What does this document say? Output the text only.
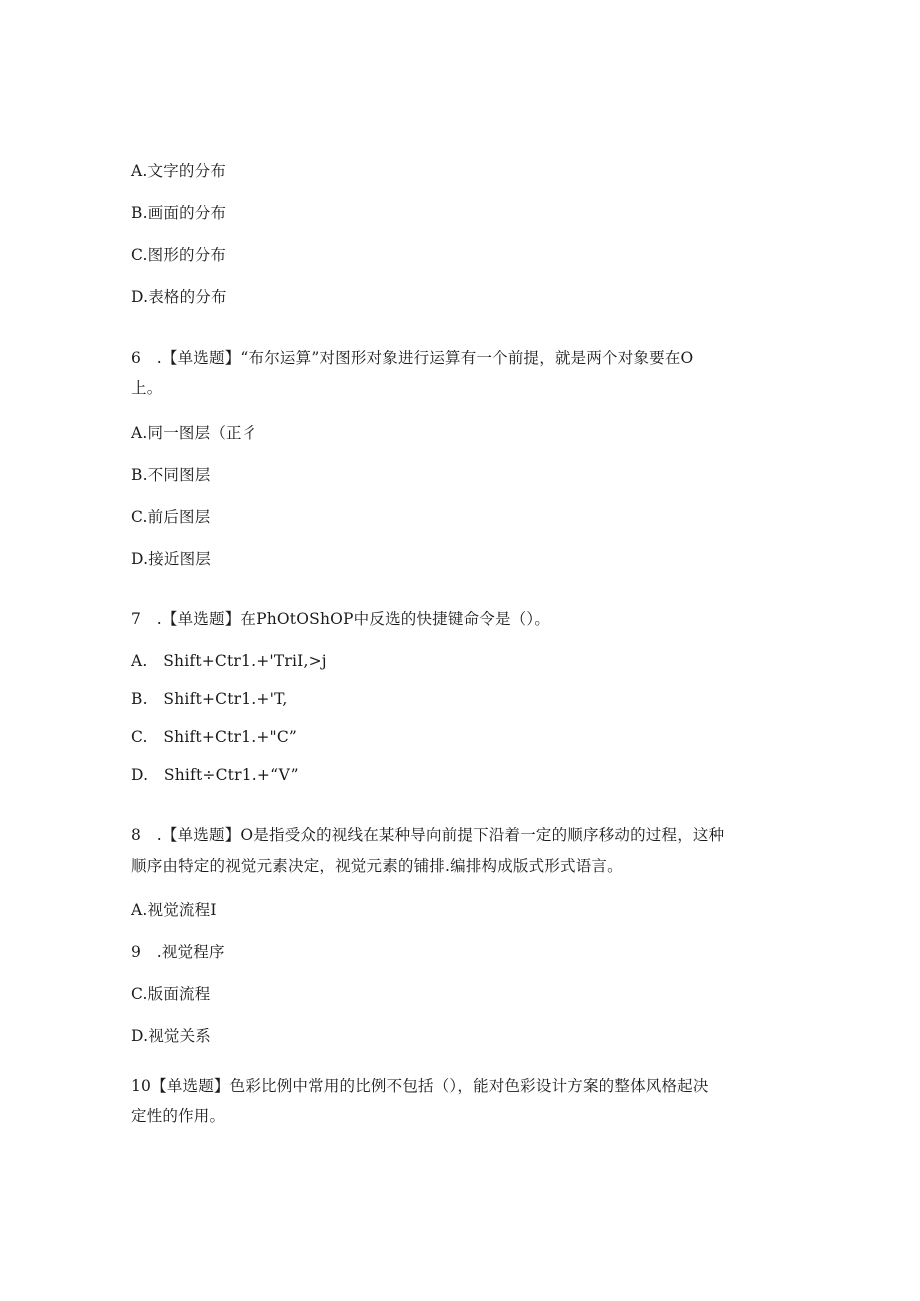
A.文字的分布
B.画面的分布
C.图形的分布
D.表格的分布
6　.【单选题】“布尔运算”对图形对象进行运算有一个前提，就是两个对象要在O
上。
A.同一图层（正彳
B.不同图层
C.前后图层
D.接近图层
7　.【单选题】在PhOtOShOP中反选的快捷键命令是（）。
A.　Shift+Ctr1.+'TriI,>j
B.　Shift+Ctr1.+'T,
C.　Shift+Ctr1.+"C”
D.　Shift÷Ctr1.+“V”
8　.【单选题】O是指受众的视线在某种导向前提下沿着一定的顺序移动的过程，这种
顺序由特定的视觉元素决定，视觉元素的铺排.编排构成版式形式语言。
A.视觉流程I
9　.视觉程序
C.版面流程
D.视觉关系
10【单选题】色彩比例中常用的比例不包括（），能对色彩设计方案的整体风格起决
定性的作用。
